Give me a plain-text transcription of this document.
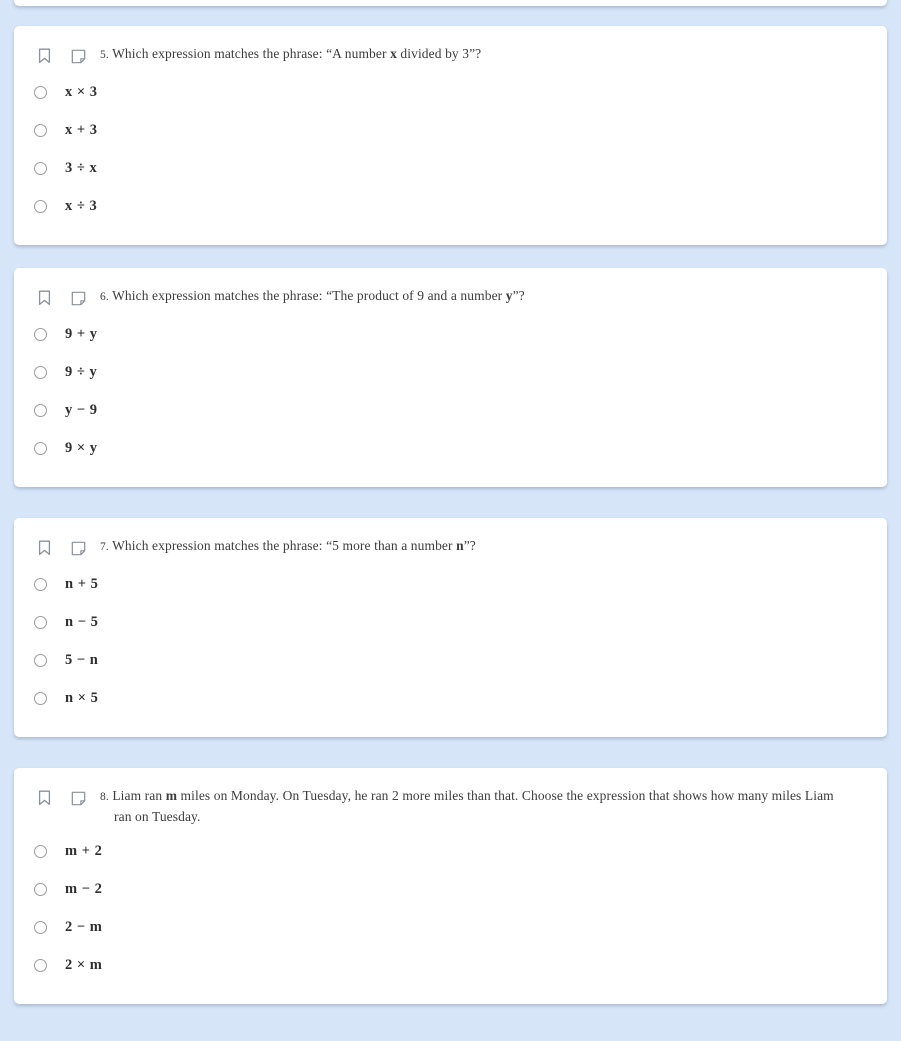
5. Which expression matches the phrase: “A number x divided by 3”?
x × 3
x + 3
3 ÷ x
x ÷ 3
6. Which expression matches the phrase: “The product of 9 and a number y”?
9 + y
9 ÷ y
y − 9
9 × y
7. Which expression matches the phrase: “5 more than a number n”?
n + 5
n − 5
5 − n
n × 5
8. Liam ran m miles on Monday. On Tuesday, he ran 2 more miles than that. Choose the expression that shows how many miles Liam ran on Tuesday.
m + 2
m − 2
2 − m
2 × m
